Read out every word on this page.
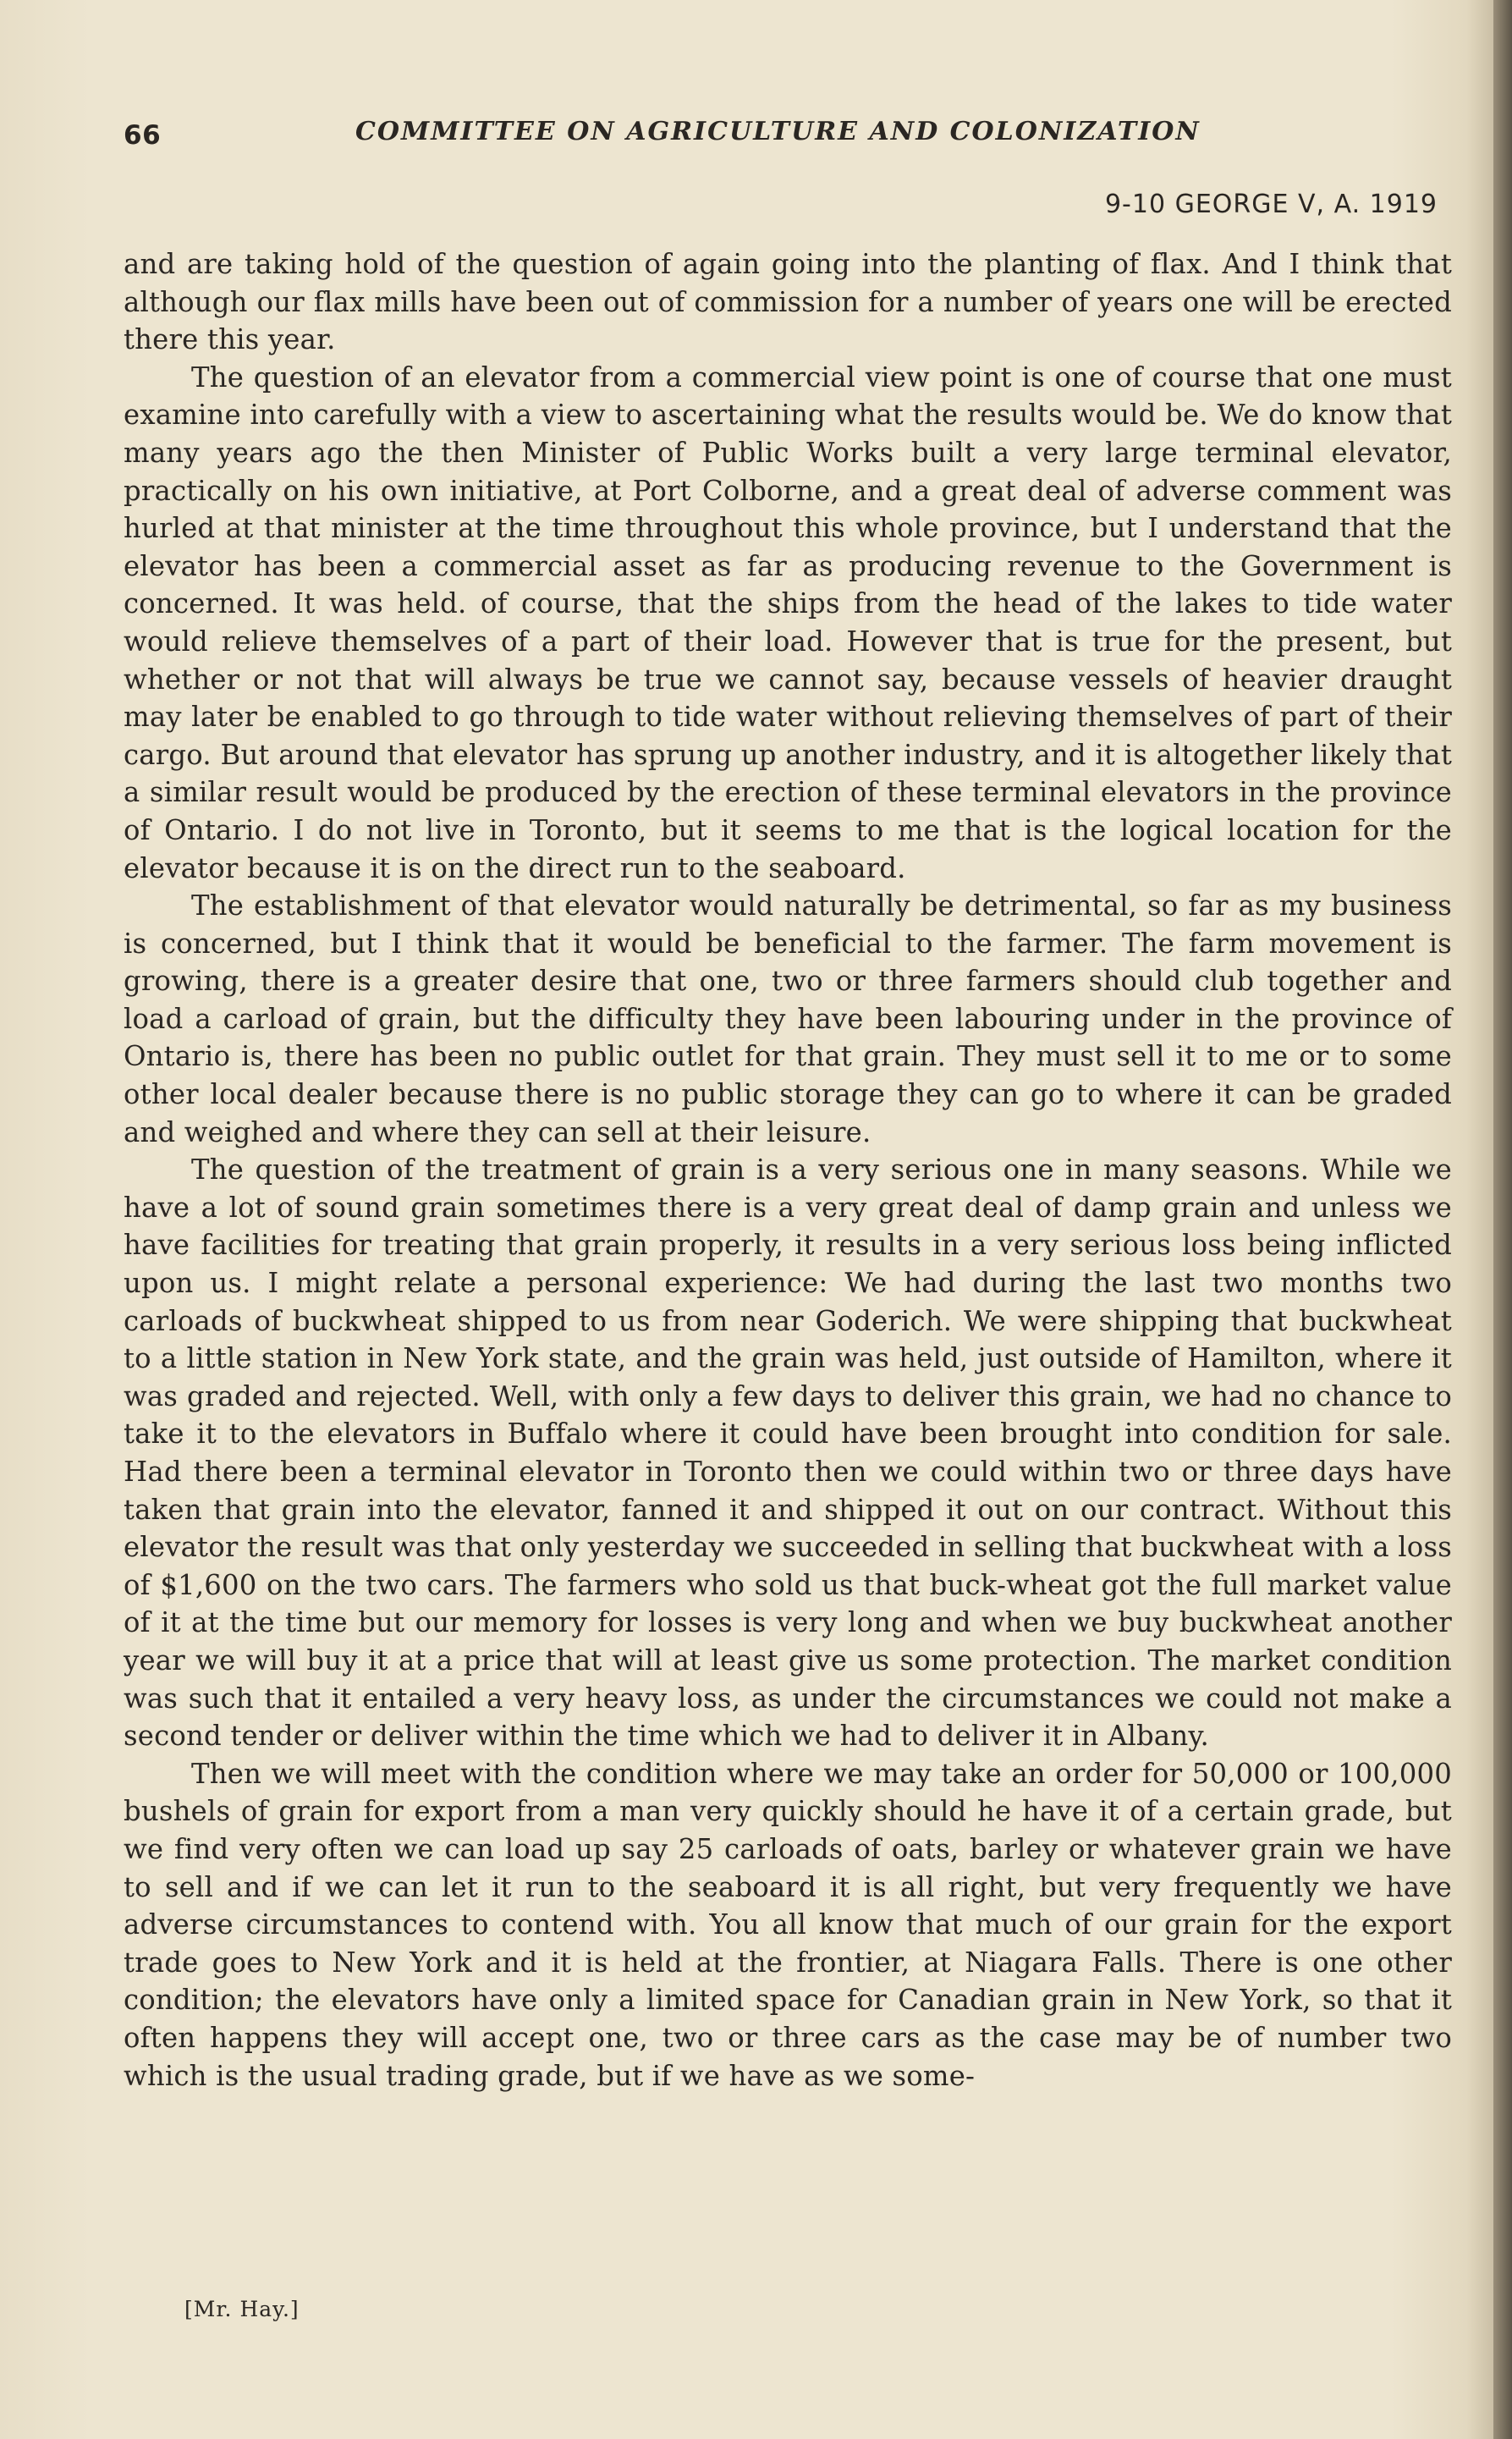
66	COMMITTEE ON AGRICULTURE AND COLONIZATION
9-10 GEORGE V, A. 1919

and are taking hold of the question of again going into the planting of flax. And I think that although our flax mills have been out of commission for a number of years one will be erected there this year.

The question of an elevator from a commercial view point is one of course that one must examine into carefully with a view to ascertaining what the results would be. We do know that many years ago the then Minister of Public Works built a very large terminal elevator, practically on his own initiative, at Port Colborne, and a great deal of adverse comment was hurled at that minister at the time throughout this whole province, but I understand that the elevator has been a commercial asset as far as producing revenue to the Government is concerned. It was held. of course, that the ships from the head of the lakes to tide water would relieve themselves of a part of their load. However that is true for the present, but whether or not that will always be true we cannot say, because vessels of heavier draught may later be enabled to go through to tide water without relieving themselves of part of their cargo. But around that elevator has sprung up another industry, and it is altogether likely that a similar result would be produced by the erection of these terminal elevators in the province of Ontario. I do not live in Toronto, but it seems to me that is the logical location for the elevator because it is on the direct run to the seaboard.

The establishment of that elevator would naturally be detrimental, so far as my business is concerned, but I think that it would be beneficial to the farmer. The farm movement is growing, there is a greater desire that one, two or three farmers should club together and load a carload of grain, but the difficulty they have been labouring under in the province of Ontario is, there has been no public outlet for that grain. They must sell it to me or to some other local dealer because there is no public storage they can go to where it can be graded and weighed and where they can sell at their leisure.

The question of the treatment of grain is a very serious one in many seasons. While we have a lot of sound grain sometimes there is a very great deal of damp grain and unless we have facilities for treating that grain properly, it results in a very serious loss being inflicted upon us. I might relate a personal experience: We had during the last two months two carloads of buckwheat shipped to us from near Goderich. We were shipping that buckwheat to a little station in New York state, and the grain was held, just outside of Hamilton, where it was graded and rejected. Well, with only a few days to deliver this grain, we had no chance to take it to the elevators in Buffalo where it could have been brought into condition for sale. Had there been a terminal elevator in Toronto then we could within two or three days have taken that grain into the elevator, fanned it and shipped it out on our contract. Without this elevator the result was that only yesterday we succeeded in selling that buckwheat with a loss of $1,600 on the two cars. The farmers who sold us that buck-wheat got the full market value of it at the time but our memory for losses is very long and when we buy buckwheat another year we will buy it at a price that will at least give us some protection. The market condition was such that it entailed a very heavy loss, as under the circumstances we could not make a second tender or deliver within the time which we had to deliver it in Albany.

Then we will meet with the condition where we may take an order for 50,000 or 100,000 bushels of grain for export from a man very quickly should he have it of a certain grade, but we find very often we can load up say 25 carloads of oats, barley or whatever grain we have to sell and if we can let it run to the seaboard it is all right, but very frequently we have adverse circumstances to contend with. You all know that much of our grain for the export trade goes to New York and it is held at the frontier, at Niagara Falls. There is one other condition; the elevators have only a limited space for Canadian grain in New York, so that it often happens they will accept one, two or three cars as the case may be of number two which is the usual trading grade, but if we have as we some-

[Mr. Hay.]
